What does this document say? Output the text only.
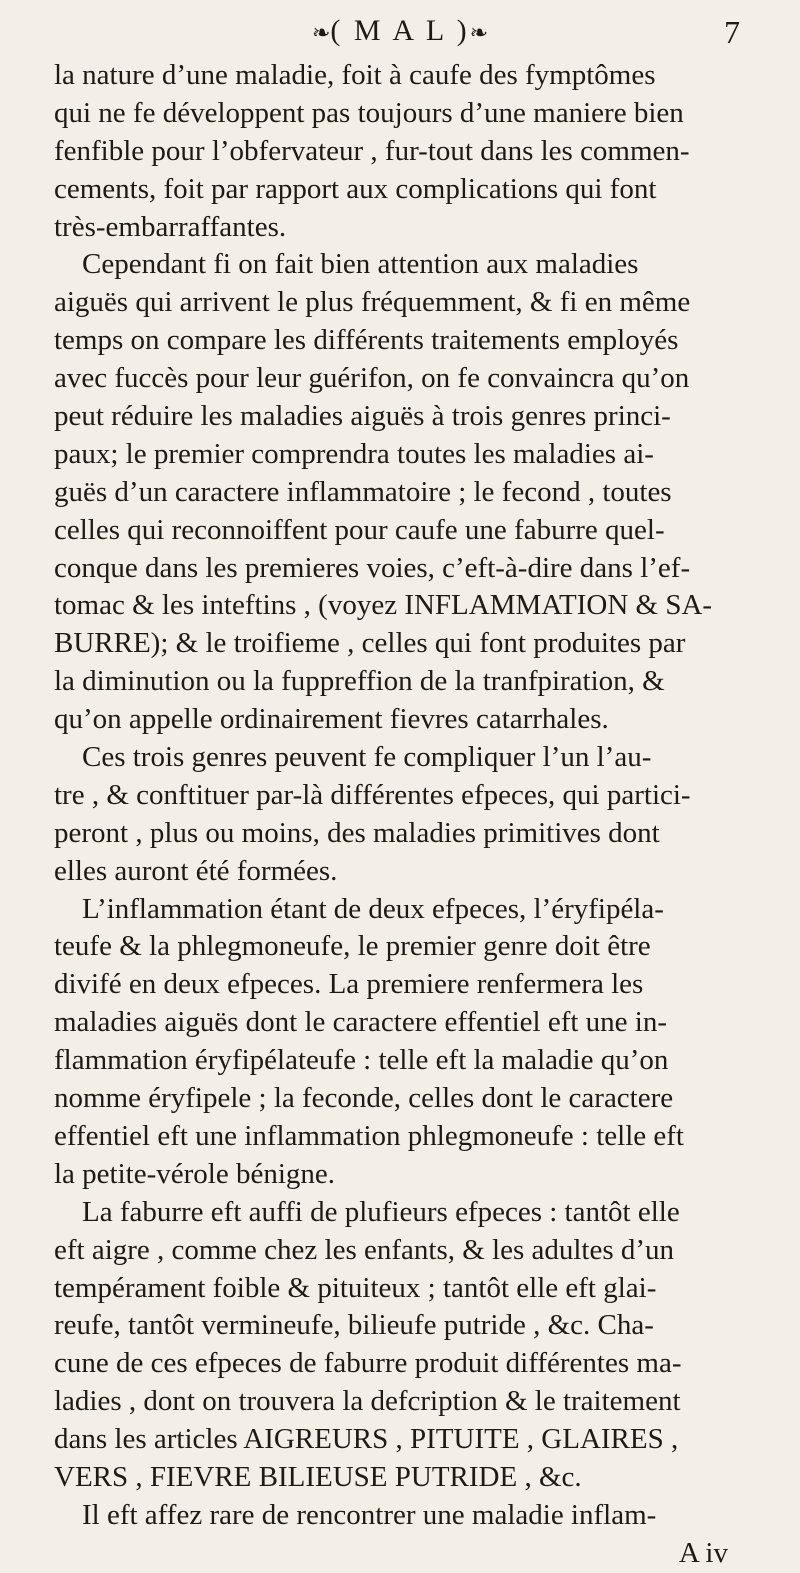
❧( M A L )❧	7
la nature d’une maladie, foit à caufe des fymptômes
qui ne fe développent pas toujours d’une maniere bien
fenfible pour l’obfervateur , fur-tout dans les commen-
cements, foit par rapport aux complications qui font
très-embarraffantes.
Cependant fi on fait bien attention aux maladies
aiguës qui arrivent le plus fréquemment, & fi en même
temps on compare les différents traitements employés
avec fuccès pour leur guérifon, on fe convaincra qu’on
peut réduire les maladies aiguës à trois genres princi-
paux; le premier comprendra toutes les maladies ai-
guës d’un caractere inflammatoire ; le fecond , toutes
celles qui reconnoiffent pour caufe une faburre quel-
conque dans les premieres voies, c’eft-à-dire dans l’ef-
tomac & les inteftins , (voyez INFLAMMATION & SA-
BURRE); & le troifieme , celles qui font produites par
la diminution ou la fuppreffion de la tranfpiration, &
qu’on appelle ordinairement fievres catarrhales.
Ces trois genres peuvent fe compliquer l’un l’au-
tre , & conftituer par-là différentes efpeces, qui partici-
peront , plus ou moins, des maladies primitives dont
elles auront été formées.
L’inflammation étant de deux efpeces, l’éryfipéla-
teufe & la phlegmoneufe, le premier genre doit être
divifé en deux efpeces. La premiere renfermera les
maladies aiguës dont le caractere effentiel eft une in-
flammation éryfipélateufe : telle eft la maladie qu’on
nomme éryfipele ; la feconde, celles dont le caractere
effentiel eft une inflammation phlegmoneufe : telle eft
la petite-vérole bénigne.
La faburre eft auffi de plufieurs efpeces : tantôt elle
eft aigre , comme chez les enfants, & les adultes d’un
tempérament foible & pituiteux ; tantôt elle eft glai-
reufe, tantôt vermineufe, bilieufe putride , &c. Cha-
cune de ces efpeces de faburre produit différentes ma-
ladies , dont on trouvera la defcription & le traitement
dans les articles AIGREURS , PITUITE , GLAIRES ,
VERS , FIEVRE BILIEUSE PUTRIDE , &c.
Il eft affez rare de rencontrer une maladie inflam-
A iv
